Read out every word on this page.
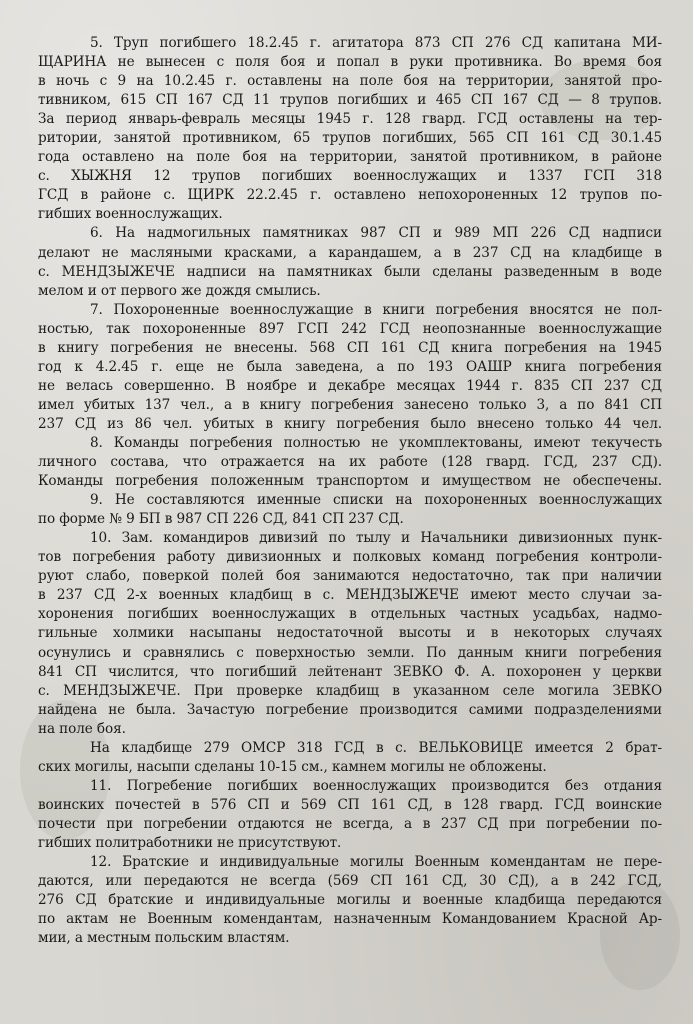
5. Труп погибшего 18.2.45 г. агитатора 873 СП 276 СД капитана МИ-
ЩАРИНА не вынесен с поля боя и попал в руки противника. Во время боя
в ночь с 9 на 10.2.45 г. оставлены на поле боя на территории, занятой про-
тивником, 615 СП 167 СД 11 трупов погибших и 465 СП 167 СД — 8 трупов.
За период январь-февраль месяцы 1945 г. 128 гвард. ГСД оставлены на тер-
ритории, занятой противником, 65 трупов погибших, 565 СП 161 СД 30.1.45
года оставлено на поле боя на территории, занятой противником, в районе
с. ХЫЖНЯ 12 трупов погибших военнослужащих и 1337 ГСП 318
ГСД в районе с. ЩИРК 22.2.45 г. оставлено непохороненных 12 трупов по-
гибших военнослужащих.
6. На надмогильных памятниках 987 СП и 989 МП 226 СД надписи
делают не масляными красками, а карандашем, а в 237 СД на кладбище в
с. МЕНДЗЫЖЕЧЕ надписи на памятниках были сделаны разведенным в воде
мелом и от первого же дождя смылись.
7. Похороненные военнослужащие в книги погребения вносятся не пол-
ностью, так похороненные 897 ГСП 242 ГСД неопознанные военнослужащие
в книгу погребения не внесены. 568 СП 161 СД книга погребения на 1945
год к 4.2.45 г. еще не была заведена, а по 193 ОАШР книга погребения
не велась совершенно. В ноябре и декабре месяцах 1944 г. 835 СП 237 СД
имел убитых 137 чел., а в книгу погребения занесено только 3, а по 841 СП
237 СД из 86 чел. убитых в книгу погребения было внесено только 44 чел.
8. Команды погребения полностью не укомплектованы, имеют текучесть
личного состава, что отражается на их работе (128 гвард. ГСД, 237 СД).
Команды погребения положенным транспортом и имуществом не обеспечены.
9. Не составляются именные списки на похороненных военнослужащих
по форме № 9 БП в 987 СП 226 СД, 841 СП 237 СД.
10. Зам. командиров дивизий по тылу и Начальники дивизионных пунк-
тов погребения работу дивизионных и полковых команд погребения контроли-
руют слабо, поверкой полей боя занимаются недостаточно, так при наличии
в 237 СД 2-х военных кладбищ в с. МЕНДЗЫЖЕЧЕ имеют место случаи за-
хоронения погибших военнослужащих в отдельных частных усадьбах, надмо-
гильные холмики насыпаны недостаточной высоты и в некоторых случаях
осунулись и сравнялись с поверхностью земли. По данным книги погребения
841 СП числится, что погибший лейтенант ЗЕВКО Ф. А. похоронен у церкви
с. МЕНДЗЫЖЕЧЕ. При проверке кладбищ в указанном селе могила ЗЕВКО
найдена не была. Зачастую погребение производится самими подразделениями
на поле боя.
На кладбище 279 ОМСР 318 ГСД в с. ВЕЛЬКОВИЦЕ имеется 2 брат-
ских могилы, насыпи сделаны 10-15 см., камнем могилы не обложены.
11. Погребение погибших военнослужащих производится без отдания
воинских почестей в 576 СП и 569 СП 161 СД, в 128 гвард. ГСД воинские
почести при погребении отдаются не всегда, а в 237 СД при погребении по-
гибших политработники не присутствуют.
12. Братские и индивидуальные могилы Военным комендантам не пере-
даются, или передаются не всегда (569 СП 161 СД, 30 СД), а в 242 ГСД,
276 СД братские и индивидуальные могилы и военные кладбища передаются
по актам не Военным комендантам, назначенным Командованием Красной Ар-
мии, а местным польским властям.
